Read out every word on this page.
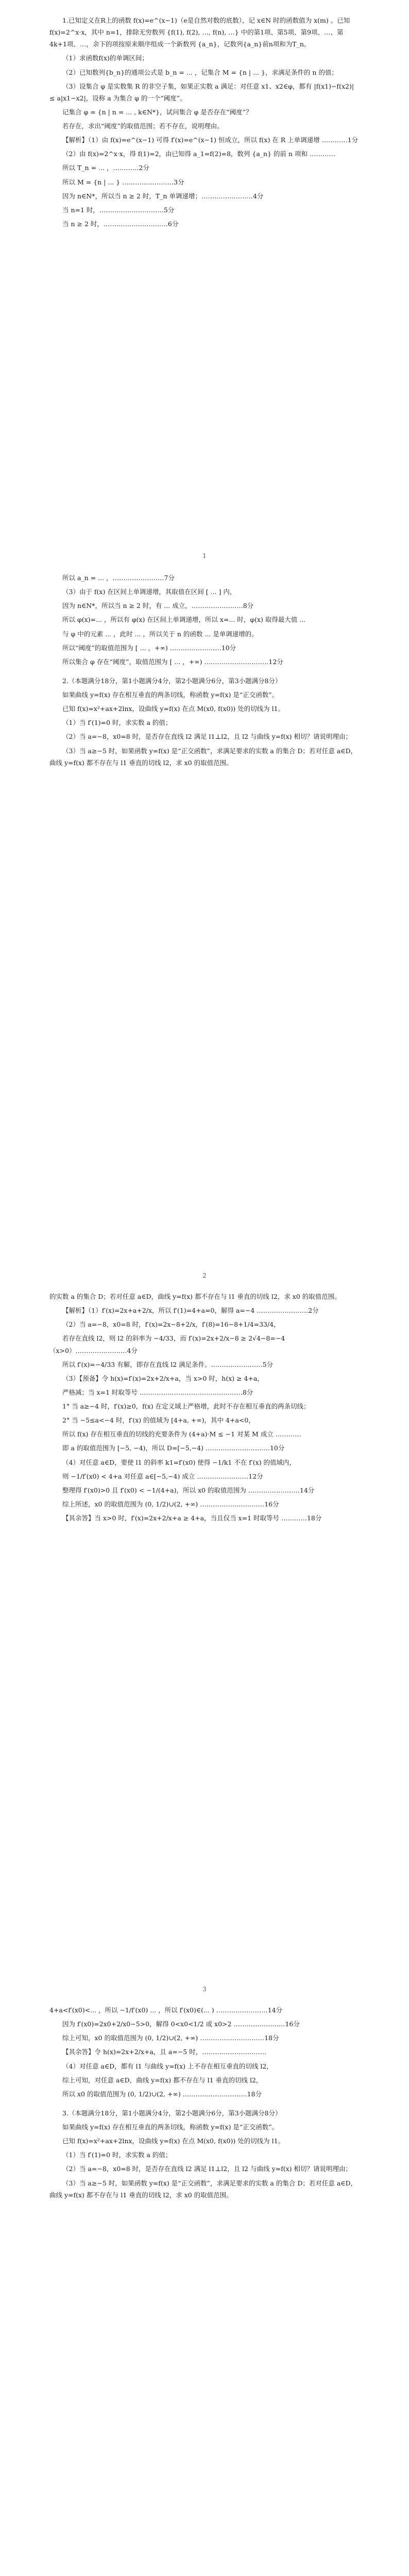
1.已知定义在R上的函数 f(x)=e^(x−1)（e是自然对数的底数），记 x∈N 时的函数值为 x(m) 。已知 f(x)=2^x·x，其中 n=1，排除无穷数列 {f(1), f(2), …, f(n), …} 中的第1项、第5项、第9项、…、第4k+1项、…，余下的项按原来顺序组成一个新数列 {a_n}，记数列{a_n}前n项和为T_n。

（1）求函数f(x)的单调区间；

（2）已知数列{b_n}的通项公式是 b_n = ... ，记集合 M = {n | ... }，求满足条件的 n 的值；

（3）设集合 φ 是实数集 R 的非空子集，如果正实数 a 满足：对任意 x1、x2∈φ，都有 |f(x1)−f(x2)| ≤ a|x1−x2|，设称 a 为集合 φ 的一个“阈度”。

记集合 φ = {n | n = ... , k∈N*}，试问集合 φ 是否存在“阈度”？

若存在，求出“阈度”的取值范围；若不存在，说明理由。

【解析】（1）由 f(x)=e^(x−1) 可得 f′(x)=e^(x−1) 恒成立，所以 f(x) 在 R 上单调递增 …………1分

（2）由 f(x)=2^x·x，得 f(1)=2，由已知得 a_1=f(2)=8，数列 {a_n} 的前 n 项和 …………

所以 T_n = ... ，…………2分

所以 M = {n | ... } ……………………3分

因为 n∈N*，所以当 n ≥ 2 时，T_n 单调递增；……………………4分

当 n=1 时，…………………………5分

当 n ≥ 2 时，…………………………6分

1

所以 a_n = ... ，……………………7分

（3）由于 f(x) 在区间上单调递增，其取值在区间 [ ... ] 内，

因为 n∈N*，所以当 n ≥ 2 时，有 ... 成立，……………………8分

所以 φ(x)=... ，所以有 φ(x) 在区间上单调递增，所以 x=... 时，φ(x) 取得最大值 ...

与 φ 中的元素 ... ，此时 ... ，所以关于 n 的函数 ... 是单调递增的。

所以“阈度”的取值范围为 [ ... ，+∞) ……………………10分

所以集合 φ 存在“阈度”，取值范围为 [ ... ，+∞) …………………………12分

2.（本题满分18分，第1小题满分4分，第2小题满分6分，第3小题满分8分）

如果曲线 y=f(x) 存在相互垂直的两条切线，称函数 y=f(x) 是“正交函数”。

已知 f(x)=x²+ax+2lnx，设曲线 y=f(x) 在点 M(x0, f(x0)) 处的切线为 l1。

（1）当 f′(1)=0 时，求实数 a 的值；

（2）当 a=−8，x0=8 时，是否存在直线 l2 满足 l1⊥l2，且 l2 与曲线 y=f(x) 相切？请说明理由；

（3）当 a≥−5 时，如果函数 y=f(x) 是“正交函数”，求满足要求的实数 a 的集合 D；若对任意 a∈D，曲线 y=f(x) 都不存在与 l1 垂直的切线 l2，求 x0 的取值范围。

2

的实数 a 的集合 D；若对任意 a∈D，曲线 y=f(x) 都不存在与 l1 垂直的切线 l2，求 x0 的取值范围。

【解析】（1）f′(x)=2x+a+2/x，所以 f′(1)=4+a=0，解得 a=−4 ……………………2分

（2）当 a=−8，x0=8 时，f′(x)=2x−8+2/x，f′(8)=16−8+1/4=33/4，

若存在直线 l2，则 l2 的斜率为 −4/33，而 f′(x)=2x+2/x−8 ≥ 2√4−8=−4（x>0）……………………4分

所以 f′(x)=−4/33 有解，即存在直线 l2 满足条件。……………………5分

（3）【预备】令 h(x)=f′(x)=2x+2/x+a，当 x>0 时，h(x) ≥ 4+a，

严格减；当 x=1 时取等号 …………………………………………8分

1° 当 a≥−4 时，f′(x)≥0，f(x) 在定义域上严格增，此时不存在相互垂直的两条切线；

2° 当 −5≤a<−4 时，f′(x) 的值域为 [4+a, +∞)，其中 4+a<0，

所以 f(x) 存在相互垂直的切线的充要条件为 (4+a)·M ≤ −1 对某 M 成立 …………

即 a 的取值范围为 [−5, −4)，所以 D=[−5,−4) …………………………10分

（4）对任意 a∈D，要使 l1 的斜率 k1=f′(x0) 使得 −1/k1 不在 f′(x) 的值域内，

则 −1/f′(x0) < 4+a 对任意 a∈[−5,−4) 成立 ……………………12分

整理得 f′(x0)>0 且 f′(x0) < −1/(4+a)，所以 x0 的取值范围为 ……………………14分

综上所述，x0 的取值范围为 (0, 1/2)∪(2, +∞) …………………………16分

【其余答】当 x>0 时，f′(x)=2x+2/x+a ≥ 4+a，当且仅当 x=1 时取等号 …………18分

3

4+a<f′(x0)<... ，所以 −1/f′(x0) ... ，所以 f′(x0)∈(... ) ……………………14分

因为 f′(x0)=2x0+2/x0−5>0，解得 0<x0<1/2 或 x0>2 ……………………16分

综上可知，x0 的取值范围为 (0, 1/2)∪(2, +∞) …………………………18分

【其余答】令 h(x)=2x+2/x+a，且 a=−5 时，…………………………

（4）对任意 a∈D，都有 l1 与曲线 y=f(x) 上不存在相互垂直的切线 l2，

综上可知，对任意 a∈D，曲线 y=f(x) 都不存在与 l1 垂直的切线 l2，

所以 x0 的取值范围为 (0, 1/2)∪(2, +∞) …………………………18分

3.（本题满分18分，第1小题满分4分，第2小题满分6分，第3小题满分8分）

如果曲线 y=f(x) 存在相互垂直的两条切线，称函数 y=f(x) 是“正交函数”。

已知 f(x)=x²+ax+2lnx，设曲线 y=f(x) 在点 M(x0, f(x0)) 处的切线为 l1。

（1）当 f′(1)=0 时，求实数 a 的值；

（2）当 a=−8，x0=8 时，是否存在直线 l2 满足 l1⊥l2，且 l2 与曲线 y=f(x) 相切？请说明理由；

（3）当 a≥−5 时，如果函数 y=f(x) 是“正交函数”，求满足要求的实数 a 的集合 D；若对任意 a∈D，曲线 y=f(x) 都不存在与 l1 垂直的切线 l2，求 x0 的取值范围。
